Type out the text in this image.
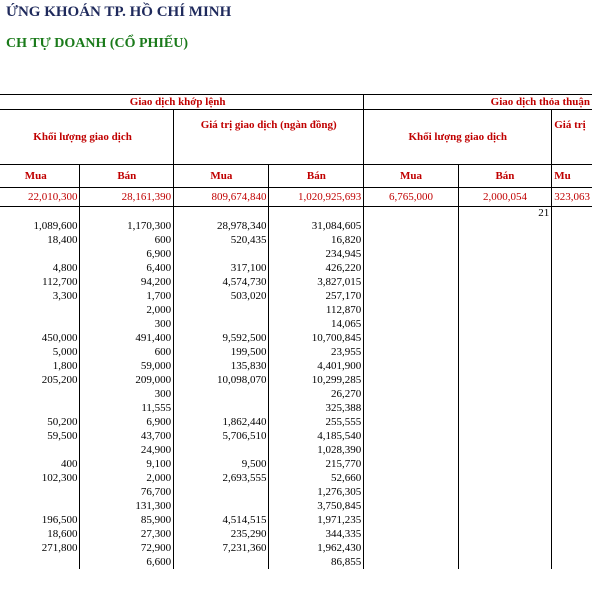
ỨNG KHOÁN TP. HỒ CHÍ MINH
CH TỰ DOANH (CỔ PHIẾU)
Giao dịch khớp lệnh				Giao dịch thỏa thuận		
Khối lượng giao dịch		Giá trị giao dịch (ngàn đồng)		Khối lượng giao dịch		Giá trị
Mua	Bán	Mua	Bán	Mua	Bán	Mu
22,010,300	28,161,390	809,674,840	1,020,925,693	6,765,000	2,000,054	323,063
					21	
1,089,600	1,170,300	28,978,340	31,084,605			
18,400	600	520,435	16,820			
	6,900		234,945			
4,800	6,400	317,100	426,220			
112,700	94,200	4,574,730	3,827,015			
3,300	1,700	503,020	257,170			
	2,000		112,870			
	300		14,065			
450,000	491,400	9,592,500	10,700,845			
5,000	600	199,500	23,955			
1,800	59,000	135,830	4,401,900			
205,200	209,000	10,098,070	10,299,285			
	300		26,270			
	11,555		325,388			
50,200	6,900	1,862,440	255,555			
59,500	43,700	5,706,510	4,185,540			
	24,900		1,028,390			
400	9,100	9,500	215,770			
102,300	2,000	2,693,555	52,660			
	76,700		1,276,305			
	131,300		3,750,845			
196,500	85,900	4,514,515	1,971,235			
18,600	27,300	235,290	344,335			
271,800	72,900	7,231,360	1,962,430			
	6,600		86,855			
